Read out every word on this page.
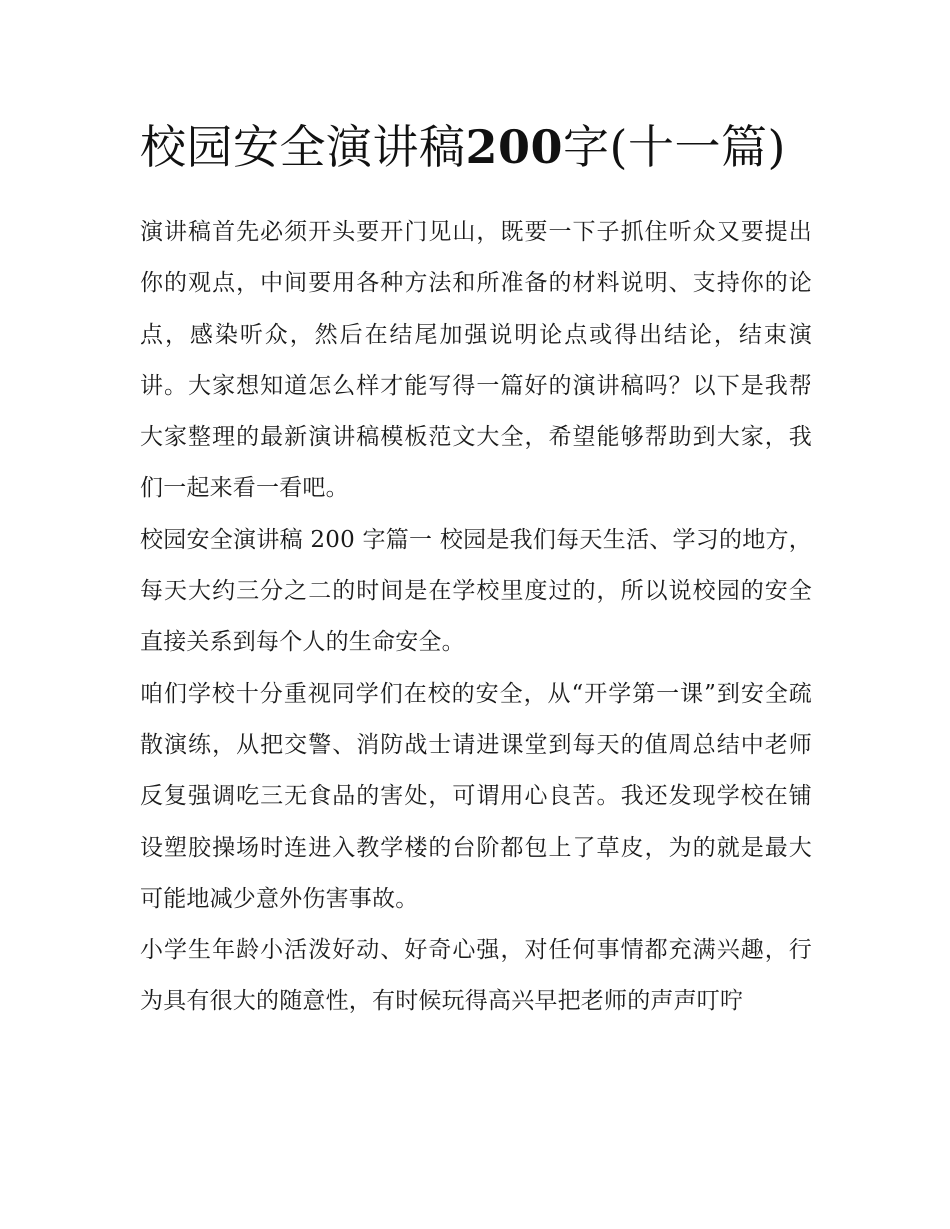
校园安全演讲稿200字(十一篇)

演讲稿首先必须开头要开门见山，既要一下子抓住听众又要提出你的观点，中间要用各种方法和所准备的材料说明、支持你的论点，感染听众，然后在结尾加强说明论点或得出结论，结束演讲。大家想知道怎么样才能写得一篇好的演讲稿吗？以下是我帮大家整理的最新演讲稿模板范文大全，希望能够帮助到大家，我们一起来看一看吧。

校园安全演讲稿 200 字篇一 校园是我们每天生活、学习的地方，每天大约三分之二的时间是在学校里度过的，所以说校园的安全直接关系到每个人的生命安全。

咱们学校十分重视同学们在校的安全，从“开学第一课”到安全疏散演练，从把交警、消防战士请进课堂到每天的值周总结中老师反复强调吃三无食品的害处，可谓用心良苦。我还发现学校在铺设塑胶操场时连进入教学楼的台阶都包上了草皮，为的就是最大可能地减少意外伤害事故。

小学生年龄小活泼好动、好奇心强，对任何事情都充满兴趣，行为具有很大的随意性，有时候玩得高兴早把老师的声声叮咛
